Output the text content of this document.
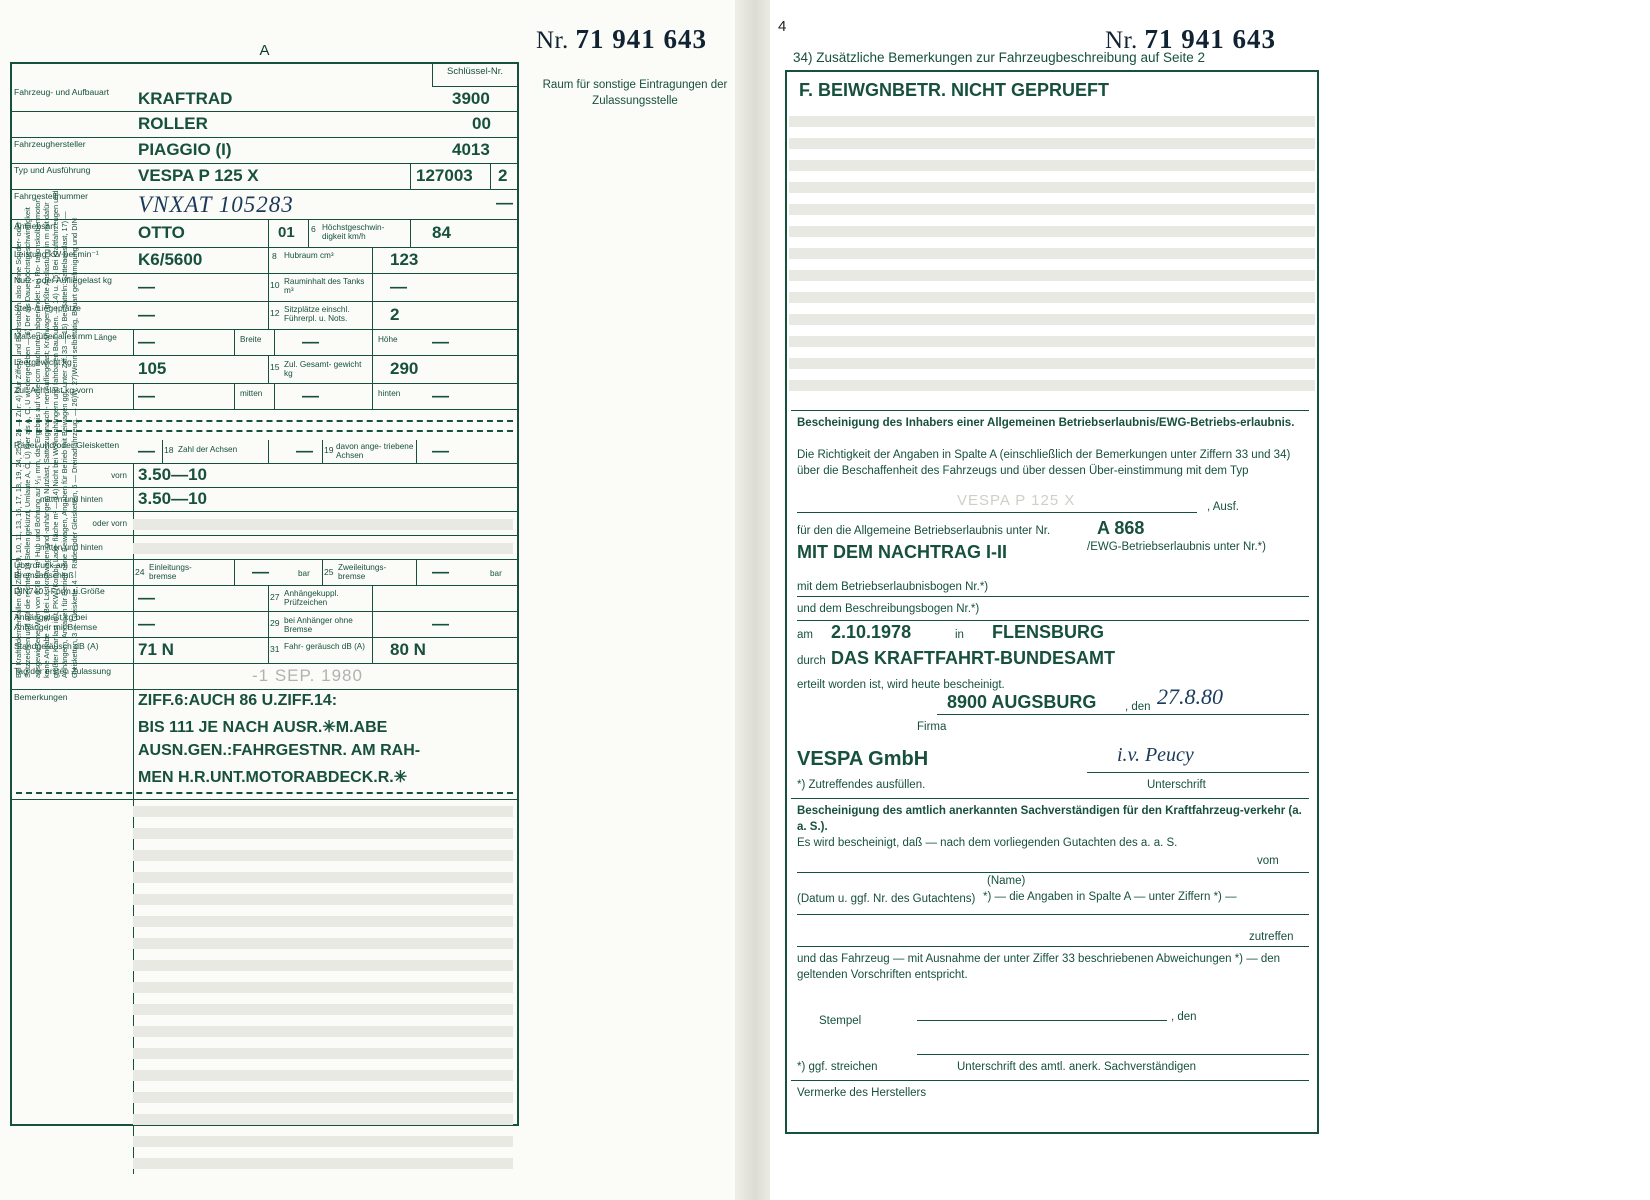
Nr. 71 941 643
Raum für sonstige Eintragungen der Zulassungsstelle
A
Schlüssel-Nr.
Fahrzeug- und Aufbauart	KRAFTRAD	3900
ROLLER	00
Fahrzeughersteller	PIAGGIO (I)	4013
Typ und Ausführung	VESPA P 125 X	127003 2
Fahrgestellnummer	VNXAT 105283	—
Antriebsart	OTTO	01 6 Höchstgeschwin- digkeit km/h	84
Leistung kW bei min⁻¹	K6/5600	8 Hubraum cm³	123
Nutz- oder Aufliegelast kg	—	10 Rauminhalt des Tanks m³	—
Steh-/Liegeplätze	—	12 Sitzplätze einschl. Führerpl. u. Nots.	2
Maße über alles mm Länge —	Breite —	Höhe —
Leergewicht kg	105	15 Zul. Gesamt- gewicht kg	290
Zul. Achslast kg vorn	—	mitten —	hinten —
Räder und/oder Gleisketten — 18 Zahl der Achsen	— 19 davon ange- triebene Achsen	—
vorn 3.50—10
mitten und hinten 3.50—10
oder vorn
mitten und hinten
Überdruck am Bremsanschluß	24 Einleitungs- bremse	—	bar 25 Zweileitungs- bremse	—	bar
DIN740..-Form.u.Größe	—	27 Anhängekuppl. Prüfzeichen
Anhängelast kg bei Anhänger mit Bremse	—	29 bei Anhänger ohne Bremse	—
Standgeräusch dB (A)	71 N	31 Fahr- geräusch dB (A) 80 N
Tag der ersten Zulassung	-1 SEP. 1980
Bemerkungen	ZIFF.6:AUCH 86 U.ZIFF.14:
BIS 111 JE NACH AUSR.✳M.ABE
AUSN.GEN.:FAHRGESTNR. AM RAH-
MEN H.R.UNT.MOTORABDECK.R.✳
Bei Krafträdern entfallen die Ziffern 9, 10, 11, 13, 16, 17, 18, 19, 24, 25 u. 26 — Zur: 4) Nur Ziffern und Buchstaben, also ohne Sonder- oder Satzzeichen und auf die rechten 14 Stellen gekürzt, Umlaute A, Ö, Ü) hier als A, O, U wiedergegeben — 6) Der als Dauerhöchstgeschwindigkeit ausgewiesener Wert von 0,78 für m³ Hub und Bohrung auf ¹⁄₁₀ mm, das Ergebnis auf volle ccm nachunten abgerundet: bei Ro- tationskolbenmotor: keine Angabe — 9) Bei Lastkraftwagen und -anhängern Nutzlast, Sattelzugmaschi- nen Aufliegelast; Kranwagen größte Auslastung in m mit dafür größter Kranlast in t, PKW (Kombi) Lade- fläche m² — 14) Nicht bei Wohnanhängern und fahrbaren Baubuden. — 14) u. 15) Bei Kraftfahrzeugen und Anhängern, Angaben für Betrieb ohne Beiwagen, Angaben für Betrieb mit Beiwagen ggf. unter Ziff. 33 — 16) Bei Satteln: Sattelachslast, 17) — Gleisketten, 3 — Gleiskette, 4 — Räder oder Gleisketten, 5 — Dreiradfahrzeug. — 26)W. 27)Wenn selbsttätig, Bauart genehmigung und DIN
4
Nr. 71 941 643
34) Zusätzliche Bemerkungen zur Fahrzeugbeschreibung auf Seite 2
F. BEIWGNBETR. NICHT GEPRUEFT
Bescheinigung des Inhabers einer Allgemeinen Betriebserlaubnis/EWG-Betriebs-erlaubnis.
Die Richtigkeit der Angaben in Spalte A (einschließlich der Bemerkungen unter Ziffern 33 und 34) über die Beschaffenheit des Fahrzeugs und über dessen Über-einstimmung mit dem Typ
VESPA P 125 X	, Ausf.
für den die Allgemeine Betriebserlaubnis unter Nr.	A 868
MIT DEM NACHTRAG I-II	/EWG-Betriebserlaubnis unter Nr.*)
mit dem Betriebserlaubnisbogen Nr.*)
und dem Beschreibungsbogen Nr.*)
am 2.10.1978	in FLENSBURG
durch DAS KRAFTFAHRT-BUNDESAMT
erteilt worden ist, wird heute bescheinigt.
8900 AUGSBURG , den 27.8.80
Firma
VESPA GmbH	i.v. Peucy
*) Zutreffendes ausfüllen.	Unterschrift
Bescheinigung des amtlich anerkannten Sachverständigen für den Kraftfahrzeug-verkehr (a. a. S.).
Es wird bescheinigt, daß — nach dem vorliegenden Gutachten des a. a. S.
vom
(Name)
(Datum u. ggf. Nr. des Gutachtens) *) — die Angaben in Spalte A — unter Ziffern *) —
zutreffen
und das Fahrzeug — mit Ausnahme der unter Ziffer 33 beschriebenen Abweichungen *) — den geltenden Vorschriften entspricht.
Stempel	, den
*) ggf. streichen	Unterschrift des amtl. anerk. Sachverständigen
Vermerke des Herstellers
